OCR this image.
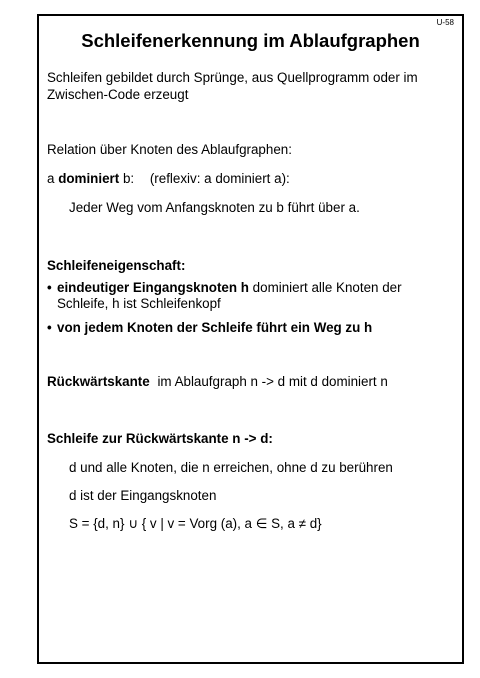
U-58
Schleifenerkennung im Ablaufgraphen
Schleifen gebildet durch Sprünge, aus Quellprogramm oder im
Zwischen-Code erzeugt
Relation über Knoten des Ablaufgraphen:
a dominiert b: (reflexiv: a dominiert a):
Jeder Weg vom Anfangsknoten zu b führt über a.
Schleifeneigenschaft:
• eindeutiger Eingangsknoten h dominiert alle Knoten der
Schleife, h ist Schleifenkopf
• von jedem Knoten der Schleife führt ein Weg zu h
Rückwärtskante im Ablaufgraph n -> d mit d dominiert n
Schleife zur Rückwärtskante n -> d:
d und alle Knoten, die n erreichen, ohne d zu berühren
d ist der Eingangsknoten
S = {d, n} ∪ { v | v = Vorg (a), a ∈ S, a ≠ d}
